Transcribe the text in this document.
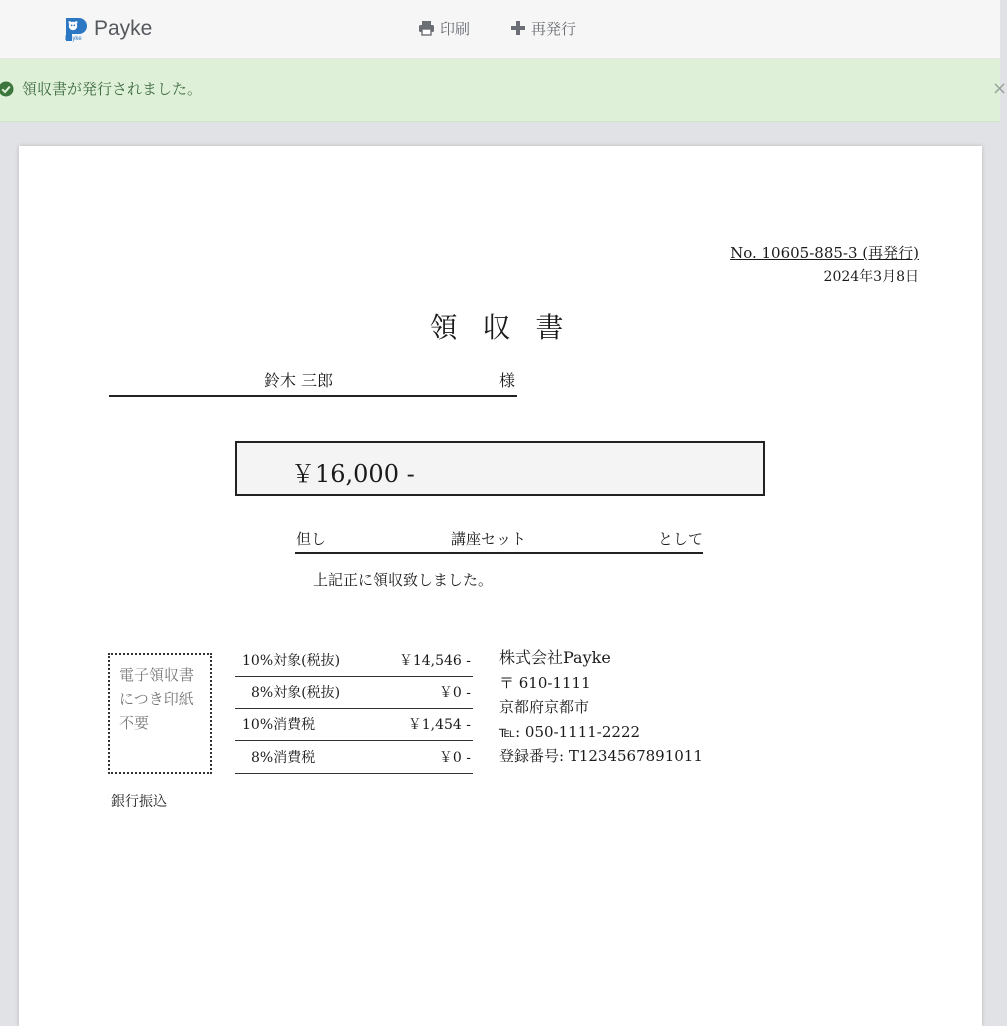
Payke Payke	印刷	再発行
領収書が発行されました。	×
No. 10605-885-3 (再発行)
2024年3月8日
領 収 書
鈴木 三郎	様
￥16,000 -
但し	講座セット	として
上記正に領収致しました。
電子領収書
につき印紙
不要
10%対象(税抜)	￥14,546 -
8%対象(税抜)	￥0 -
10%消費税	￥1,454 -
8%消費税	￥0 -
株式会社Payke
〒 610-1111
京都府京都市
℡: 050-1111-2222
登録番号: T1234567891011
銀行振込
